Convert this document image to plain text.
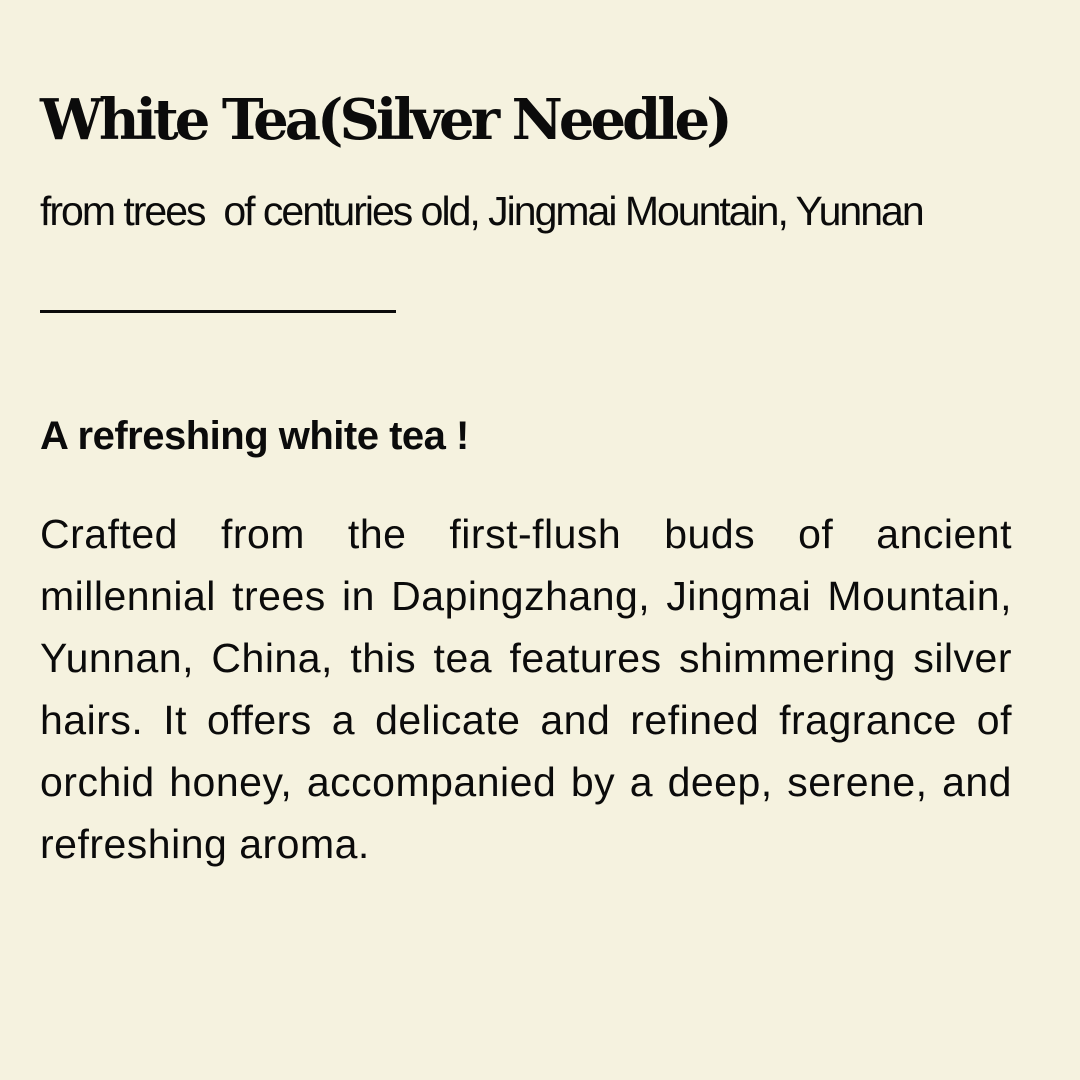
White Tea(Silver Needle)

from trees  of centuries old, Jingmai Mountain, Yunnan

A refreshing white tea !

Crafted from the first-flush buds of ancient millennial trees in Dapingzhang, Jingmai Mountain, Yunnan, China, this tea features shimmering silver hairs. It offers a delicate and refined fragrance of orchid honey, accompanied by a deep, serene, and refreshing aroma.
